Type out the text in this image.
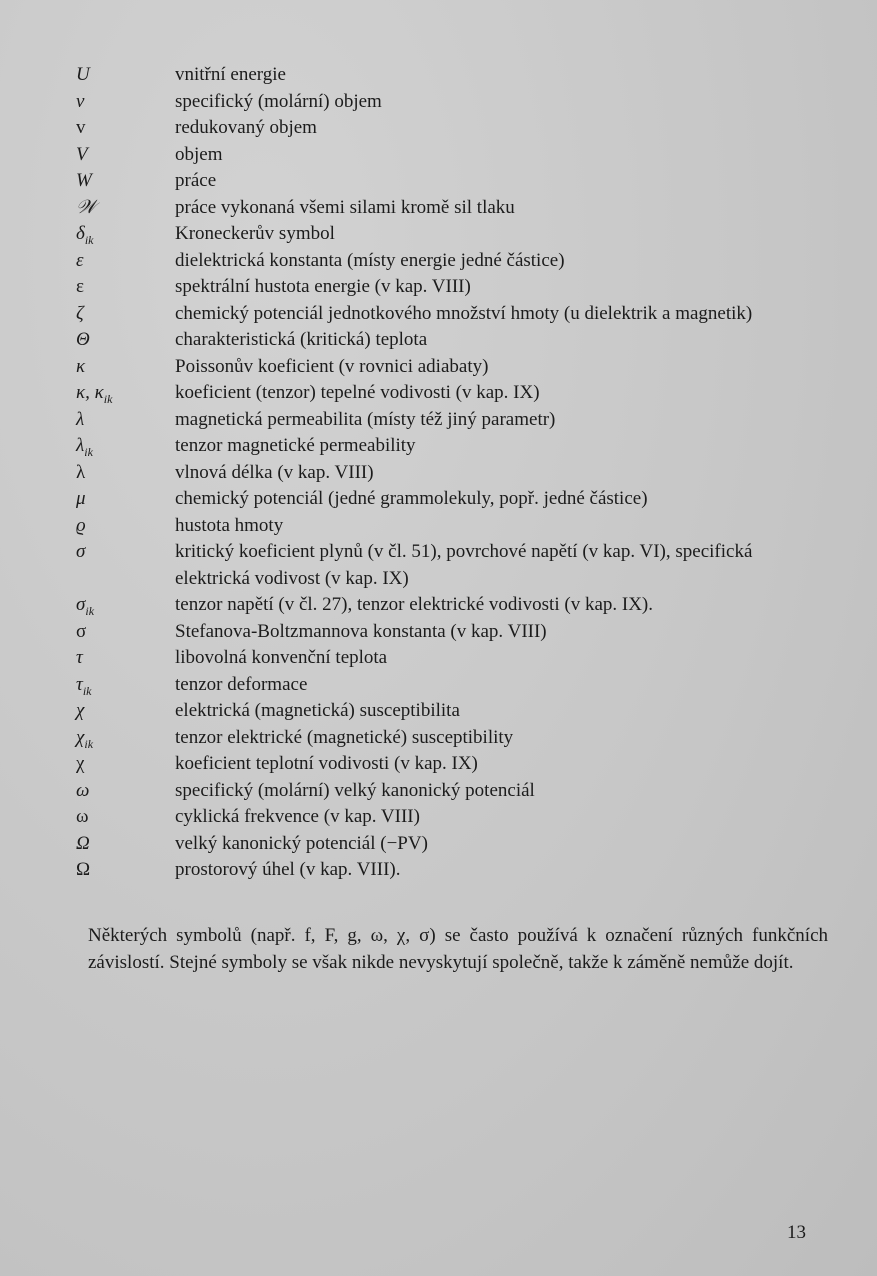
U	vnitřní energie
v	specifický (molární) objem
v	redukovaný objem
V	objem
W	práce
𝒲	práce vykonaná všemi silami kromě sil tlaku
$\delta_{ik}$	Kroneckerův symbol
ε	dielektrická konstanta (místy energie jedné částice)
ε	spektrální hustota energie (v kap. VIII)
ζ	chemický potenciál jednotkového množství hmoty (u dielektrik a magnetik)
Θ	charakteristická (kritická) teplota
κ	Poissonův koeficient (v rovnici adiabaty)
κ, $\kappa_{ik}$	koeficient (tenzor) tepelné vodivosti (v kap. IX)
λ	magnetická permeabilita (místy též jiný parametr)
$\lambda_{ik}$	tenzor magnetické permeability
λ	vlnová délka (v kap. VIII)
μ	chemický potenciál (jedné grammolekuly, popř. jedné částice)
ϱ	hustota hmoty
σ	kritický koeficient plynů (v čl. 51), povrchové napětí (v kap. VI), specifická elektrická vodivost (v kap. IX)
$\sigma_{ik}$	tenzor napětí (v čl. 27), tenzor elektrické vodivosti (v kap. IX).
σ	Stefanova-Boltzmannova konstanta (v kap. VIII)
τ	libovolná konvenční teplota
$\tau_{ik}$	tenzor deformace
χ	elektrická (magnetická) susceptibilita
$\chi_{ik}$	tenzor elektrické (magnetické) susceptibility
χ	koeficient teplotní vodivosti (v kap. IX)
ω	specifický (molární) velký kanonický potenciál
ω	cyklická frekvence (v kap. VIII)
Ω	velký kanonický potenciál (−PV)
Ω	prostorový úhel (v kap. VIII).

Některých symbolů (např. f, F, g, ω, χ, σ) se často používá k označení různých funkčních závislostí. Stejné symboly se však nikde nevyskytují společně, takže k záměně nemůže dojít.

13
